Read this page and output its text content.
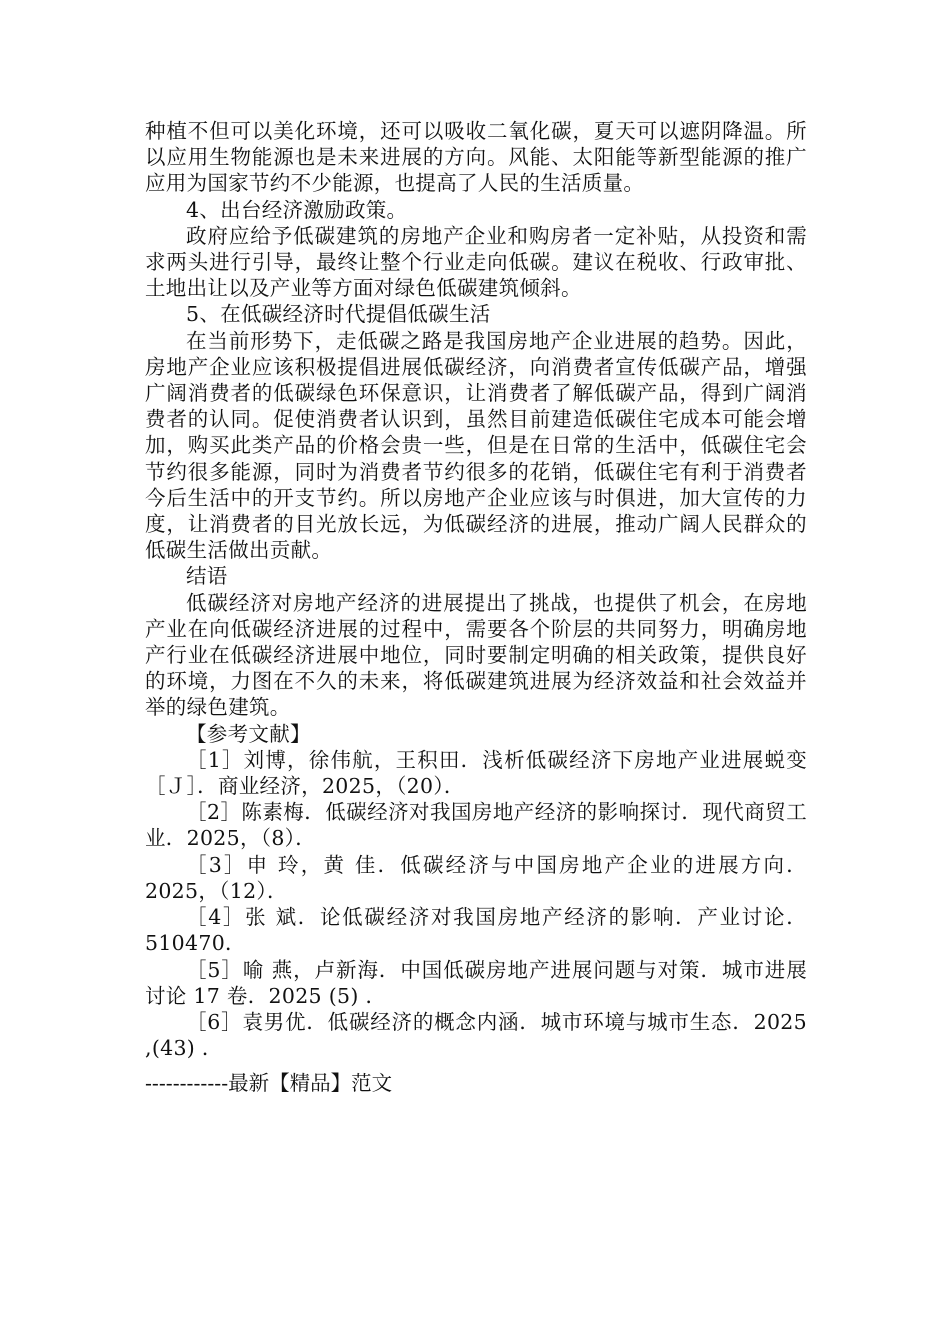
种植不但可以美化环境，还可以吸收二氧化碳，夏天可以遮阴降温。所以应用生物能源也是未来进展的方向。风能、太阳能等新型能源的推广应用为国家节约不少能源，也提高了人民的生活质量。

4、出台经济激励政策。

政府应给予低碳建筑的房地产企业和购房者一定补贴，从投资和需求两头进行引导，最终让整个行业走向低碳。建议在税收、行政审批、土地出让以及产业等方面对绿色低碳建筑倾斜。

5、在低碳经济时代提倡低碳生活

在当前形势下，走低碳之路是我国房地产企业进展的趋势。因此，房地产企业应该积极提倡进展低碳经济，向消费者宣传低碳产品，增强广阔消费者的低碳绿色环保意识，让消费者了解低碳产品，得到广阔消费者的认同。促使消费者认识到，虽然目前建造低碳住宅成本可能会增加，购买此类产品的价格会贵一些，但是在日常的生活中，低碳住宅会节约很多能源，同时为消费者节约很多的花销，低碳住宅有利于消费者今后生活中的开支节约。所以房地产企业应该与时俱进，加大宣传的力度，让消费者的目光放长远，为低碳经济的进展，推动广阔人民群众的低碳生活做出贡献。

结语

低碳经济对房地产经济的进展提出了挑战，也提供了机会，在房地产业在向低碳经济进展的过程中，需要各个阶层的共同努力，明确房地产行业在低碳经济进展中地位，同时要制定明确的相关政策，提供良好的环境，力图在不久的未来，将低碳建筑进展为经济效益和社会效益并举的绿色建筑。

【参考文献】

［1］刘博，徐伟航，王积田．浅析低碳经济下房地产业进展蜕变［Ｊ］．商业经济，2025，（20）．

［2］陈素梅．低碳经济对我国房地产经济的影响探讨．现代商贸工业．2025，（8）．

［3］申 玲，黄 佳．低碳经济与中国房地产企业的进展方向．2025，（12）．

［4］张 斌．论低碳经济对我国房地产经济的影响．产业讨论．510470．

［5］喻 燕，卢新海．中国低碳房地产进展问题与对策．城市进展讨论 17 卷．2025 (5) ．

［6］袁男优．低碳经济的概念内涵．城市环境与城市生态．2025 ,(43) ．

------------最新【精品】范文
